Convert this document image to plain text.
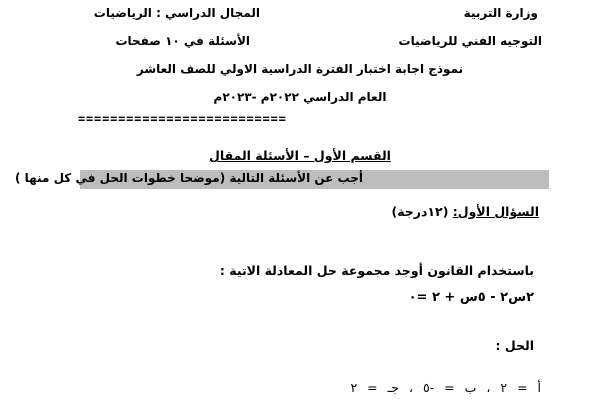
وزارة التربية
المجال الدراسي : الرياضيات
التوجيه الفني للرياضيات
الأسئلة في ١٠ صفحات
نموذج اجابة اختبار الفترة الدراسية الاولي للصف العاشر
العام الدراسي ٢٠٢٢م -٢٠٢٣م
==========================
القسم الأول – الأسئلة المقال
أجب عن الأسئلة التالية (موضحا خطوات الحل في كل منها )
السؤال الأول: (١٢درجة)
باستخدام القانون أوجد مجموعة حل المعادلة الاتية :
٢س٢ - ٥س + ٢ =٠
الحل :
أ = ٢ ، ب = -٥ ، جـ = ٢
